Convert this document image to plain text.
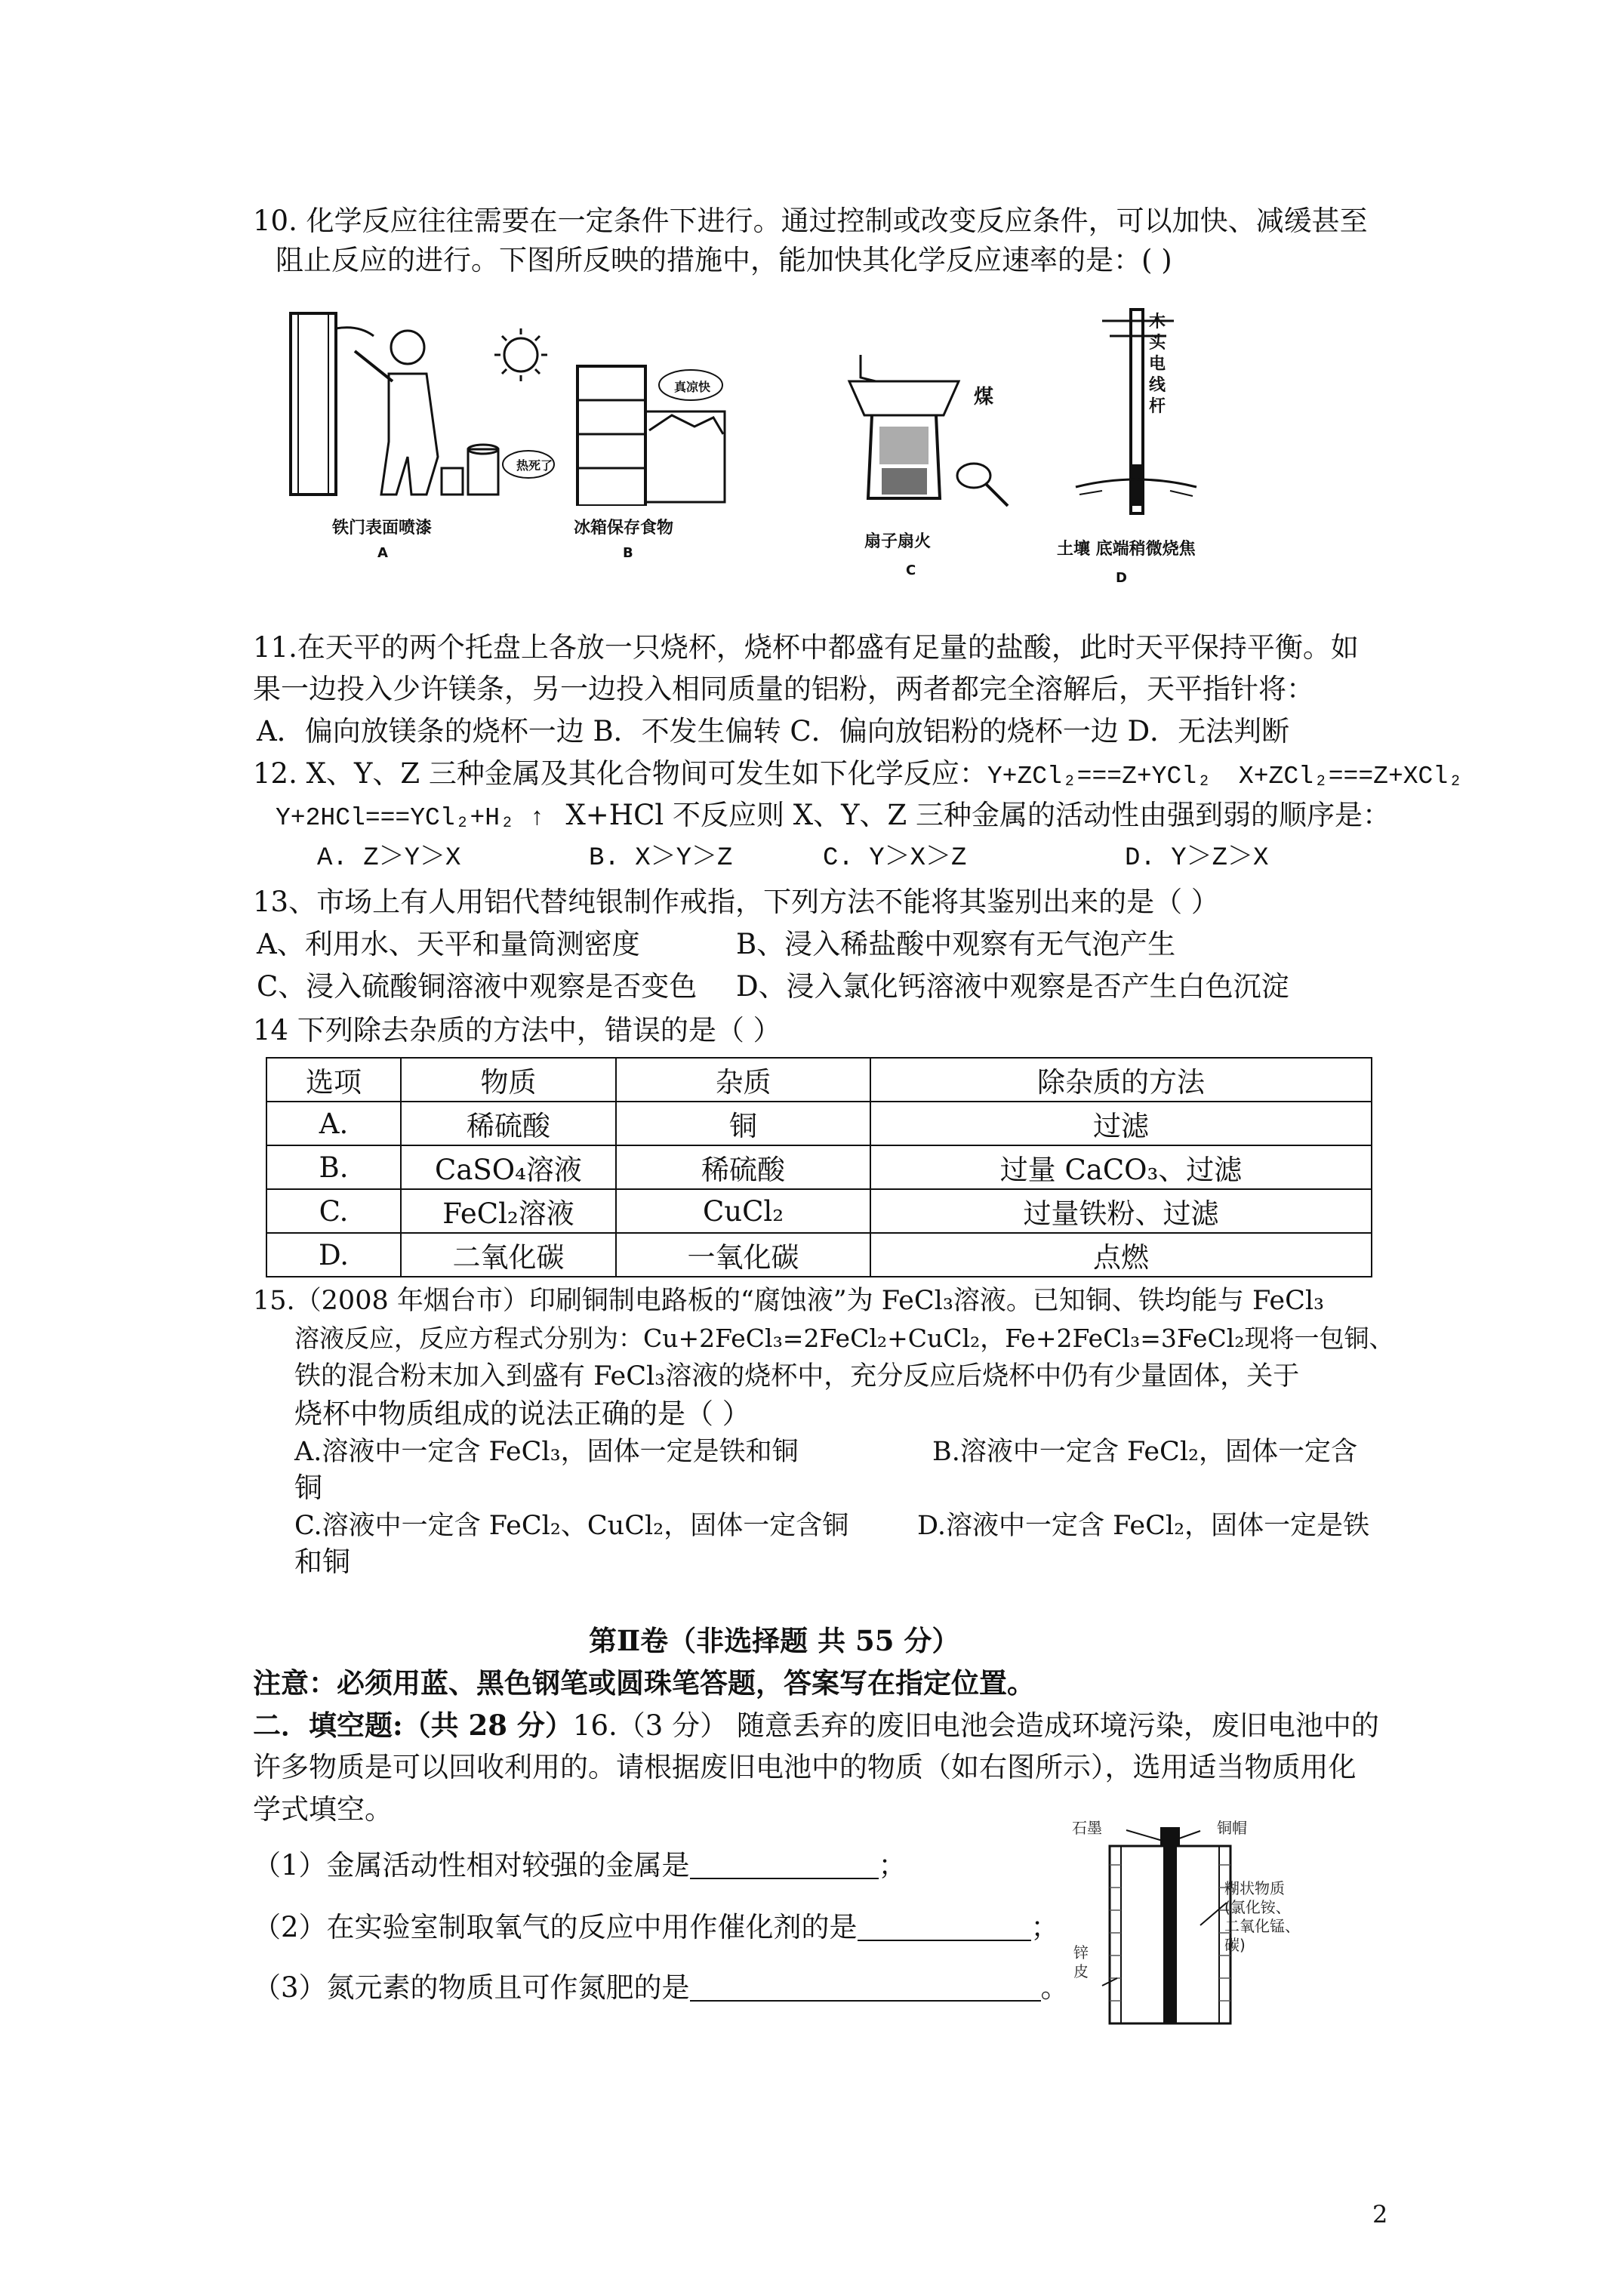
10. 化学反应往往需要在一定条件下进行。通过控制或改变反应条件，可以加快、减缓甚至
阻止反应的进行。下图所反映的措施中，能加快其化学反应速率的是：( )
铁门表面喷漆
A
热死了
真凉快
冰箱保存食物
B
煤
扇子扇火
C
木头电线杆
土壤 底端稍微烧焦
D
11.在天平的两个托盘上各放一只烧杯，烧杯中都盛有足量的盐酸，此时天平保持平衡。如
果一边投入少许镁条，另一边投入相同质量的铝粉，两者都完全溶解后，天平指针将：
A．偏向放镁条的烧杯一边 B．不发生偏转 C．偏向放铝粉的烧杯一边 D．无法判断
12. X、Y、Z 三种金属及其化合物间可发生如下化学反应：Y+ZCl₂===Z+YCl₂ X+ZCl₂===Z+XCl₂
Y+2HCl===YCl₂+H₂ ↑ X+HCl 不反应则 X、Y、Z 三种金属的活动性由强到弱的顺序是：
A. Z＞Y＞X	B. X＞Y＞Z	C. Y＞X＞Z	D. Y＞Z＞X
13、市场上有人用铝代替纯银制作戒指，下列方法不能将其鉴别出来的是（ ）
A、利用水、天平和量筒测密度	B、浸入稀盐酸中观察有无气泡产生
C、浸入硫酸铜溶液中观察是否变色 D、浸入氯化钙溶液中观察是否产生白色沉淀
14 下列除去杂质的方法中，错误的是（ ）
选项	物质	杂质	除杂质的方法
A.	稀硫酸	铜	过滤
B.	CaSO₄溶液	稀硫酸	过量 CaCO₃、过滤
C.	FeCl₂溶液	CuCl₂	过量铁粉、过滤
D.	二氧化碳	一氧化碳	点燃
15.（2008 年烟台市）印刷铜制电路板的“腐蚀液”为 FeCl₃溶液。已知铜、铁均能与 FeCl₃
溶液反应，反应方程式分别为：Cu+2FeCl₃=2FeCl₂+CuCl₂，Fe+2FeCl₃=3FeCl₂现将一包铜、
铁的混合粉末加入到盛有 FeCl₃溶液的烧杯中，充分反应后烧杯中仍有少量固体，关于
烧杯中物质组成的说法正确的是（ ）
A.溶液中一定含 FeCl₃，固体一定是铁和铜	B.溶液中一定含 FeCl₂，固体一定含
铜
C.溶液中一定含 FeCl₂、CuCl₂，固体一定含铜	D.溶液中一定含 FeCl₂，固体一定是铁
和铜
第Ⅱ卷（非选择题 共 55 分）
注意：必须用蓝、黑色钢笔或圆珠笔答题，答案写在指定位置。
二．填空题:（共 28 分）16.（3 分） 随意丢弃的废旧电池会造成环境污染，废旧电池中的
许多物质是可以回收利用的。请根据废旧电池中的物质（如右图所示），选用适当物质用化
学式填空。
（1）金属活动性相对较强的金属是	；
（2）在实验室制取氧气的反应中用作催化剂的是	；
（3）氮元素的物质且可作氮肥的是	。
石墨	铜帽
糊状物质
(氯化铵、
二氧化锰、
碳)
锌
皮
2
